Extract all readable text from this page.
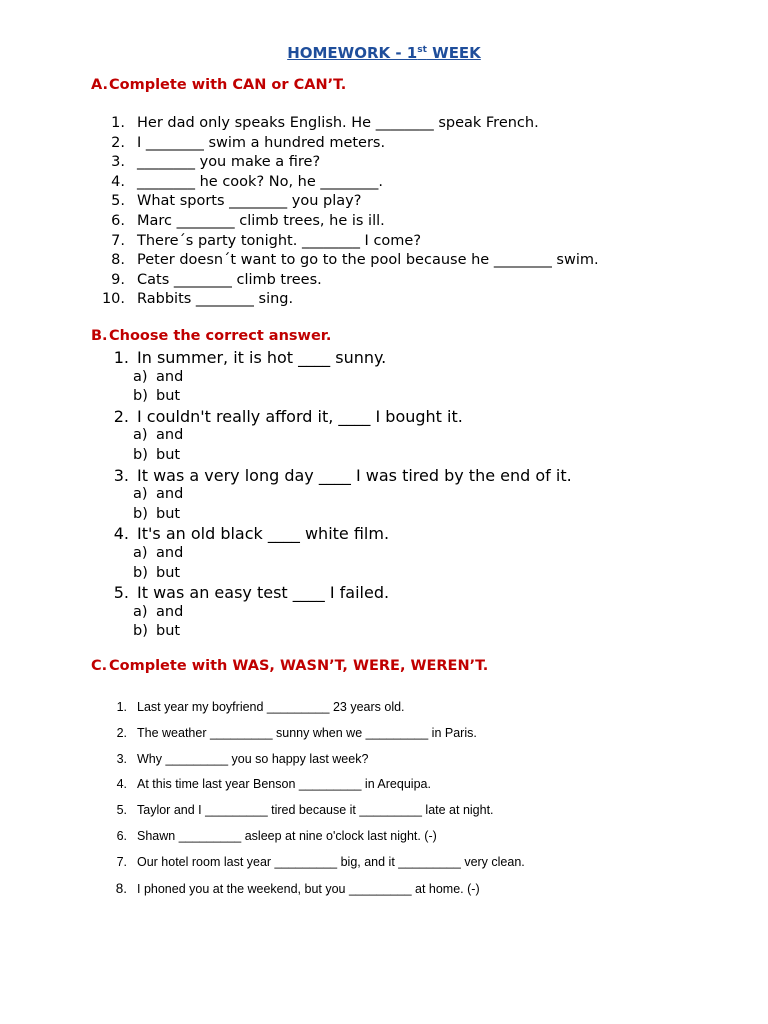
HOMEWORK - 1st WEEK
A.Complete with CAN or CAN’T.
1. Her dad only speaks English. He ________ speak French.
2. I ________ swim a hundred meters.
3. ________ you make a fire?
4. ________ he cook? No, he ________.
5. What sports ________ you play?
6. Marc ________ climb trees, he is ill.
7. There´s party tonight. ________ I come?
8. Peter doesn´t want to go to the pool because he ________ swim.
9. Cats ________ climb trees.
10. Rabbits ________ sing.
B.Choose the correct answer.
1. In summer, it is hot ____ sunny.
a) and
b) but
2. I couldn't really afford it, ____ I bought it.
a) and
b) but
3. It was a very long day ____ I was tired by the end of it.
a) and
b) but
4. It's an old black ____ white film.
a) and
b) but
5. It was an easy test ____ I failed.
a) and
b) but
C. Complete with WAS, WASN’T, WERE, WEREN’T.
1. Last year my boyfriend _________ 23 years old.
2. The weather _________ sunny when we _________ in Paris.
3. Why _________ you so happy last week?
4. At this time last year Benson _________ in Arequipa.
5. Taylor and I _________ tired because it _________ late at night.
6. Shawn _________ asleep at nine o'clock last night. (-)
7. Our hotel room last year _________ big, and it _________ very clean.
8. I phoned you at the weekend, but you _________ at home. (-)
